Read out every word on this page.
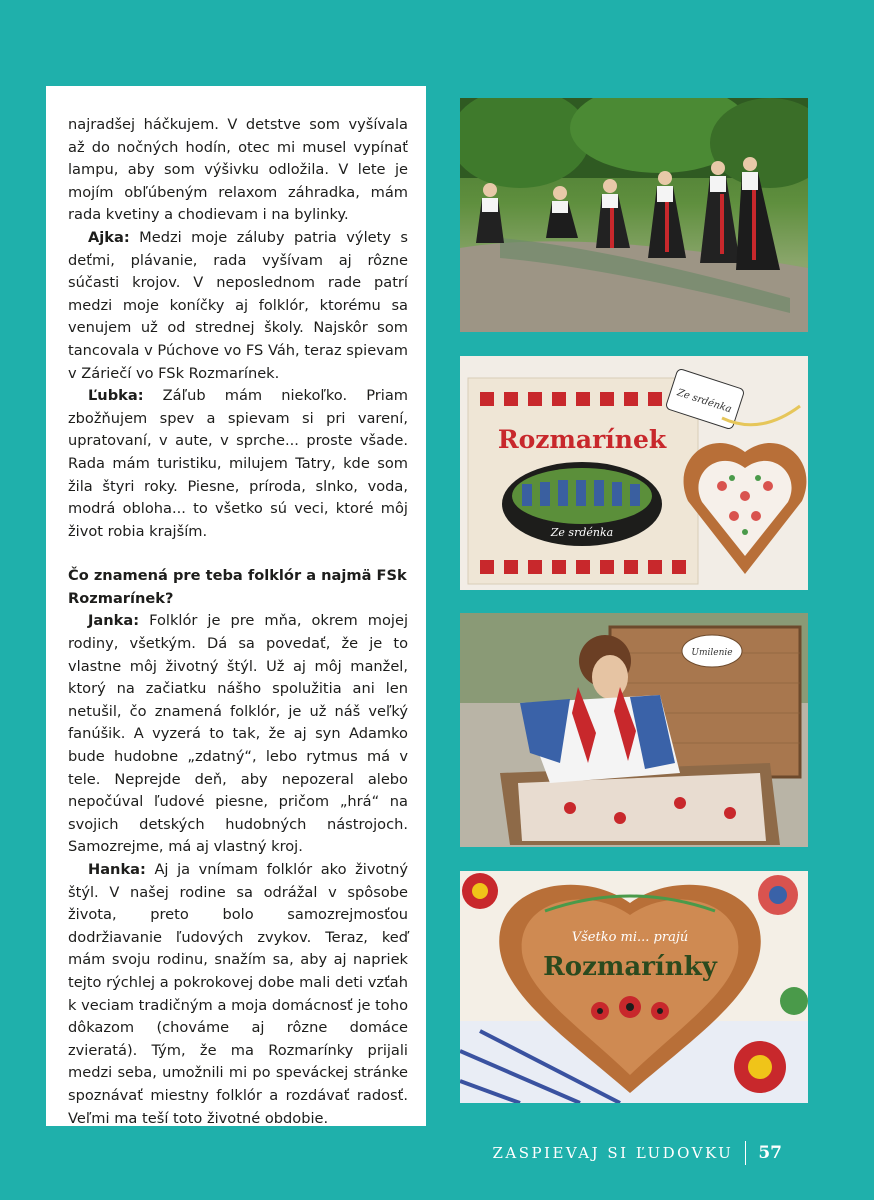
najradšej háčkujem. V detstve som vyšívala až do nočných hodín, otec mi musel vypínať lampu, aby som výšivku odložila. V lete je mojím obľúbeným relaxom záhradka, mám rada kvetiny a chodievam i na bylinky.

Ajka: Medzi moje záluby patria výlety s deťmi, plávanie, rada vyšívam aj rôzne súčasti krojov. V neposlednom rade patrí medzi moje koníčky aj folklór, ktorému sa venujem už od strednej školy. Najskôr som tancovala v Púchove vo FS Váh, teraz spievam v Záriečí vo FSk Rozmarínek.

Ľubka: Záľub mám niekoľko. Priam zbožňujem spev a spievam si pri varení, upratovaní, v aute, v sprche... proste všade. Rada mám turistiku, milujem Tatry, kde som žila štyri roky. Piesne, príroda, slnko, voda, modrá obloha... to všetko sú veci, ktoré môj život robia krajším.

Čo znamená pre teba folklór a najmä FSk Rozmarínek?

Janka: Folklór je pre mňa, okrem mojej rodiny, všetkým. Dá sa povedať, že je to vlastne môj životný štýl. Už aj môj manžel, ktorý na začiatku nášho spolužitia ani len netušil, čo znamená folklór, je už náš veľký fanúšik. A vyzerá to tak, že aj syn Adamko bude hudobne „zdatný“, lebo rytmus má v tele. Neprejde deň, aby nepozeral alebo nepočúval ľudové piesne, pričom „hrá“ na svojich detských hudobných nástrojoch. Samozrejme, má aj vlastný kroj.

Hanka: Aj ja vnímam folklór ako životný štýl. V našej rodine sa odrážal v spôsobe života, preto bolo samozrejmosťou dodržiavanie ľudových zvykov. Teraz, keď mám svoju rodinu, snažím sa, aby aj napriek tejto rýchlej a pokrokovej dobe mali deti vzťah k veciam tradičným a moja domácnosť je toho dôkazom (chováme aj rôzne domáce zvieratá). Tým, že ma Rozmarínky prijali medzi seba, umožnili mi po speváckej stránke spoznávať miestny folklór a rozdávať radosť. Veľmi ma teší toto životné obdobie.

Rozmarínek
Ze srdénka
Ze srdénka
Umilenie
Všetko mi... prajú
Rozmarínky
ZASPIEVAJ SI ĽUDOVKU 57
